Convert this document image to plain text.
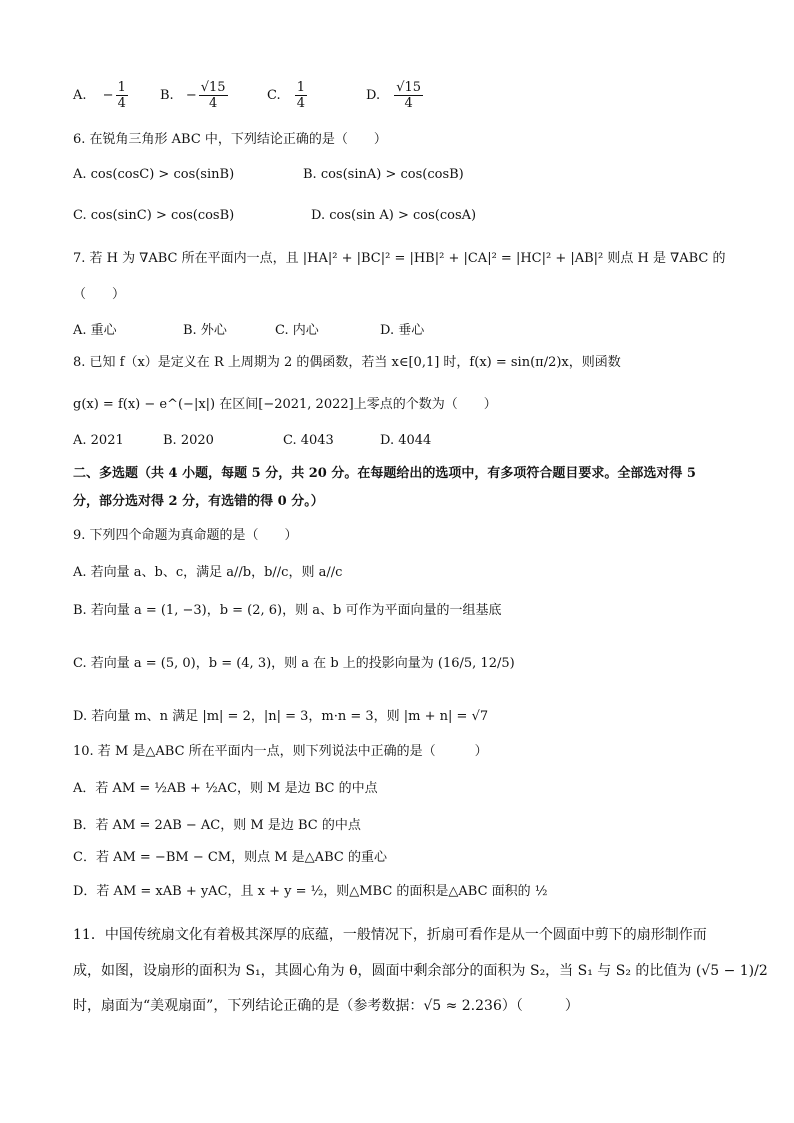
A. − $\frac{1}{4} B$. − $\frac{√15}{4}$	C. $\frac{1}{4}$	D. $\frac{√15}{4}$
6. 在锐角三角形 ABC 中，下列结论正确的是（　　）
A. cos(cosC) > cos(sinB)	B. cos(sinA) > cos(cosB)
C. cos(sinC) > cos(cosB)	D. cos(sin A) > cos(cosA)
7. 若 H 为 ∇ABC 所在平面内一点，且 |HA|² + |BC|² = |HB|² + |CA|² = |HC|² + |AB|² 则点 H 是 ∇ABC 的
（　　）
A. 重心	B. 外心	C. 内心	D. 垂心
8. 已知 f（x）是定义在 R 上周期为 2 的偶函数，若当 x∈[0,1] 时，f(x) = sin(π/2)x，则函数
g(x) = f(x) − e^(−|x|) 在区间[−2021, 2022]上零点的个数为（　　）
A. 2021	B. 2020	C. 4043	D. 4044
二、多选题（共 4 小题，每题 5 分，共 20 分。在每题给出的选项中，有多项符合题目要求。全部选对得 5
分，部分选对得 2 分，有选错的得 0 分。）
9. 下列四个命题为真命题的是（　　）
A. 若向量 a、b、c，满足 a//b，b//c，则 a//c
B. 若向量 a = (1, −3)，b = (2, 6)，则 a、b 可作为平面向量的一组基底
C. 若向量 a = (5, 0)，b = (4, 3)，则 a 在 b 上的投影向量为 (16/5, 12/5)
D. 若向量 m、n 满足 |m| = 2，|n| = 3，m·n = 3，则 |m + n| = √7
10. 若 M 是△ABC 所在平面内一点，则下列说法中正确的是（　　　）
A．若 AM = ½AB + ½AC，则 M 是边 BC 的中点
B．若 AM = 2AB − AC，则 M 是边 BC 的中点
C．若 AM = −BM − CM，则点 M 是△ABC 的重心
D．若 AM = xAB + yAC，且 x + y = ½，则△MBC 的面积是△ABC 面积的 ½
11．中国传统扇文化有着极其深厚的底蕴，一般情况下，折扇可看作是从一个圆面中剪下的扇形制作而
成，如图，设扇形的面积为 S₁，其圆心角为 θ，圆面中剩余部分的面积为 S₂，当 S₁ 与 S₂ 的比值为 (√5 − 1)/2
时，扇面为“美观扇面”，下列结论正确的是（参考数据：√5 ≈ 2.236）（　　　）
